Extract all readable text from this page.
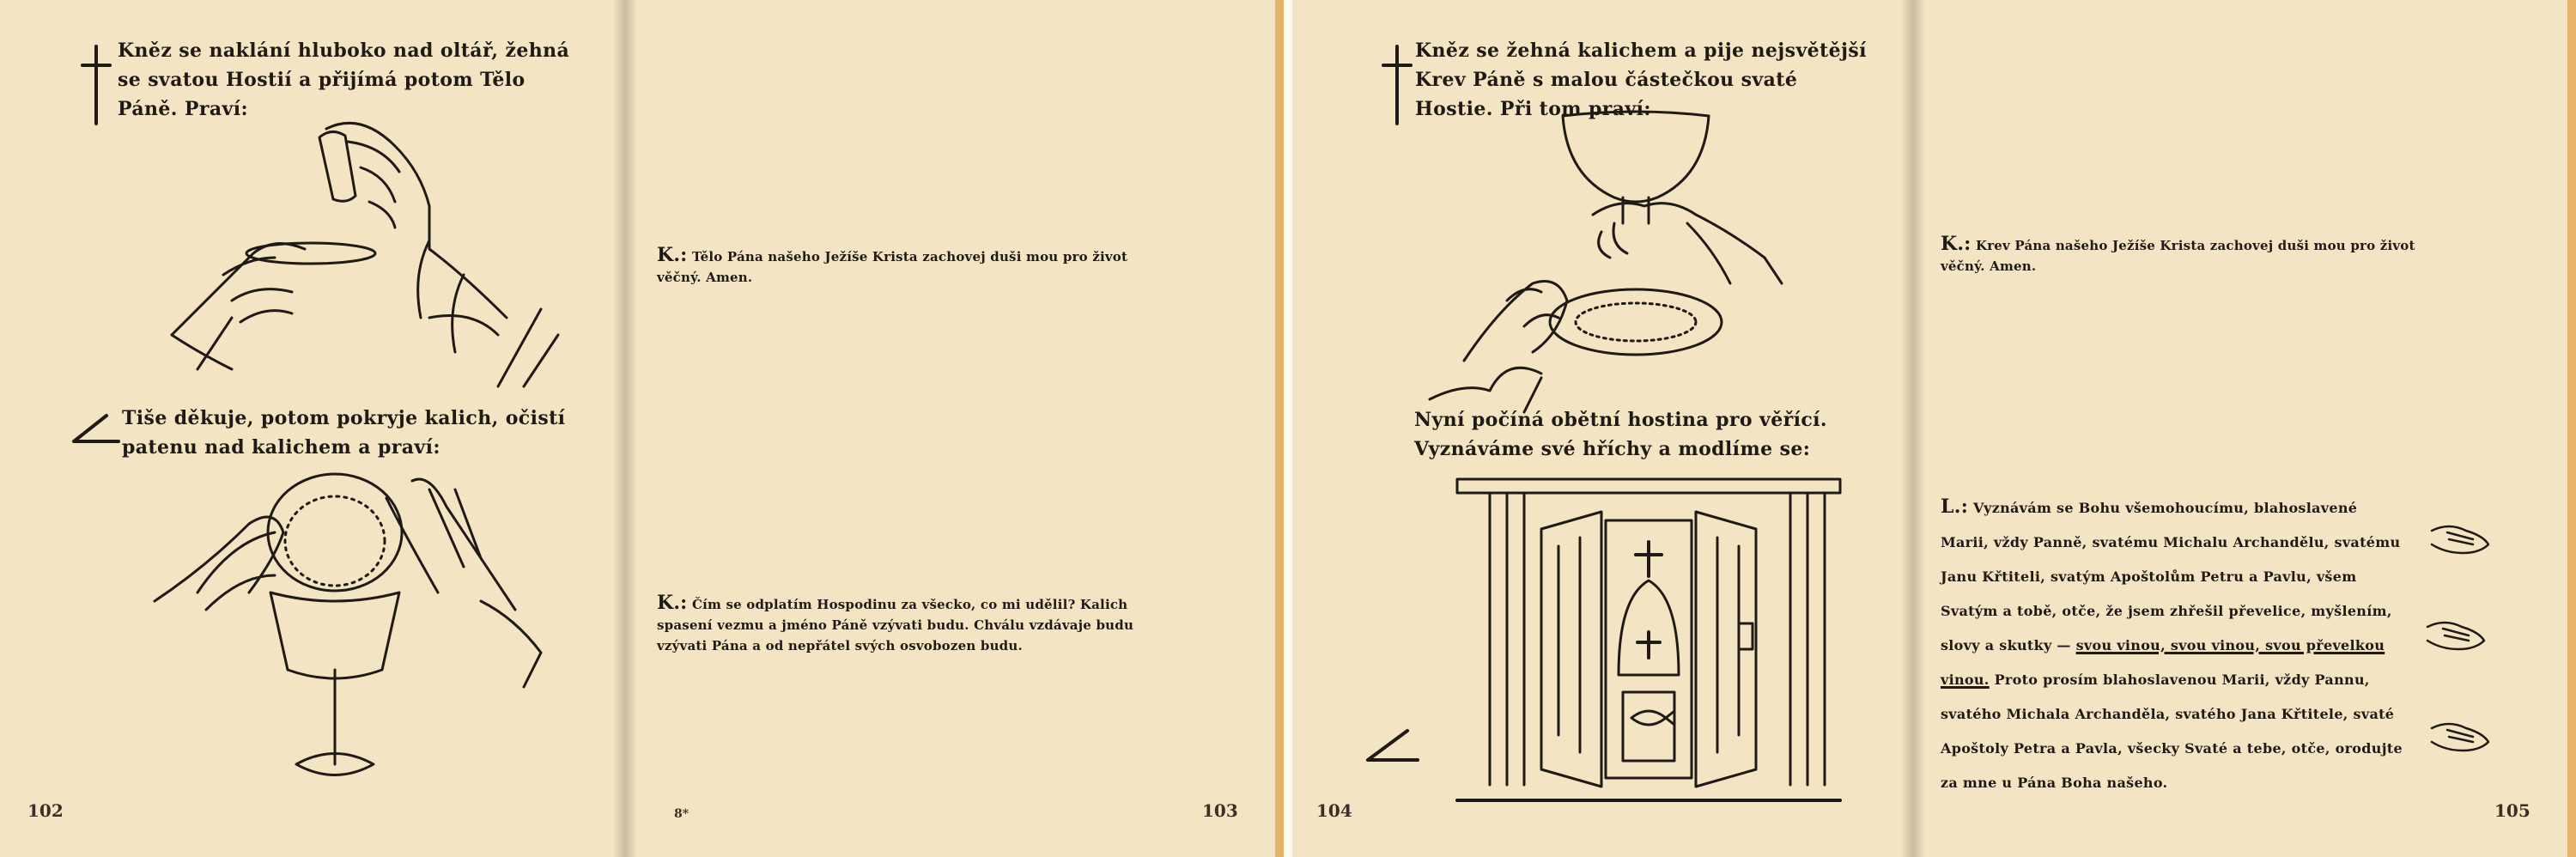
Kněz se naklání hluboko nad oltář, žehná se svatou Hostií a přijímá potom Tělo Páně. Praví:
Tiše děkuje, potom pokryje kalich, očistí patenu nad kalichem a praví:
102
K.: Tělo Pána našeho Ježíše Krista zachovej duši mou pro život věčný. Amen.
K.: Čím se odplatím Hospodinu za všecko, co mi udělil? Kalich spasení vezmu a jméno Páně vzývati budu. Chválu vzdávaje budu vzývati Pána a od nepřátel svých osvobozen budu.
8*	103
Kněz se žehná kalichem a pije nejsvětější Krev Páně s malou částečkou svaté Hostie. Při tom praví:
Nyní počíná obětní hostina pro věřící. Vyznáváme své hříchy a modlíme se:
104
K.: Krev Pána našeho Ježíše Krista zachovej duši mou pro život věčný. Amen.
L.: Vyznávám se Bohu všemohoucímu, blahoslavené Marii, vždy Panně, svatému Michalu Archandělu, svatému Janu Křtiteli, svatým Apoštolům Petru a Pavlu, všem Svatým a tobě, otče, že jsem zhřešil převelice, myšlením, slovy a skutky — svou vinou, svou vinou, svou převelkou vinou. Proto prosím blahoslavenou Marii, vždy Pannu, svatého Michala Archanděla, svatého Jana Křtitele, svaté Apoštoly Petra a Pavla, všecky Svaté a tebe, otče, orodujte za mne u Pána Boha našeho.
105
